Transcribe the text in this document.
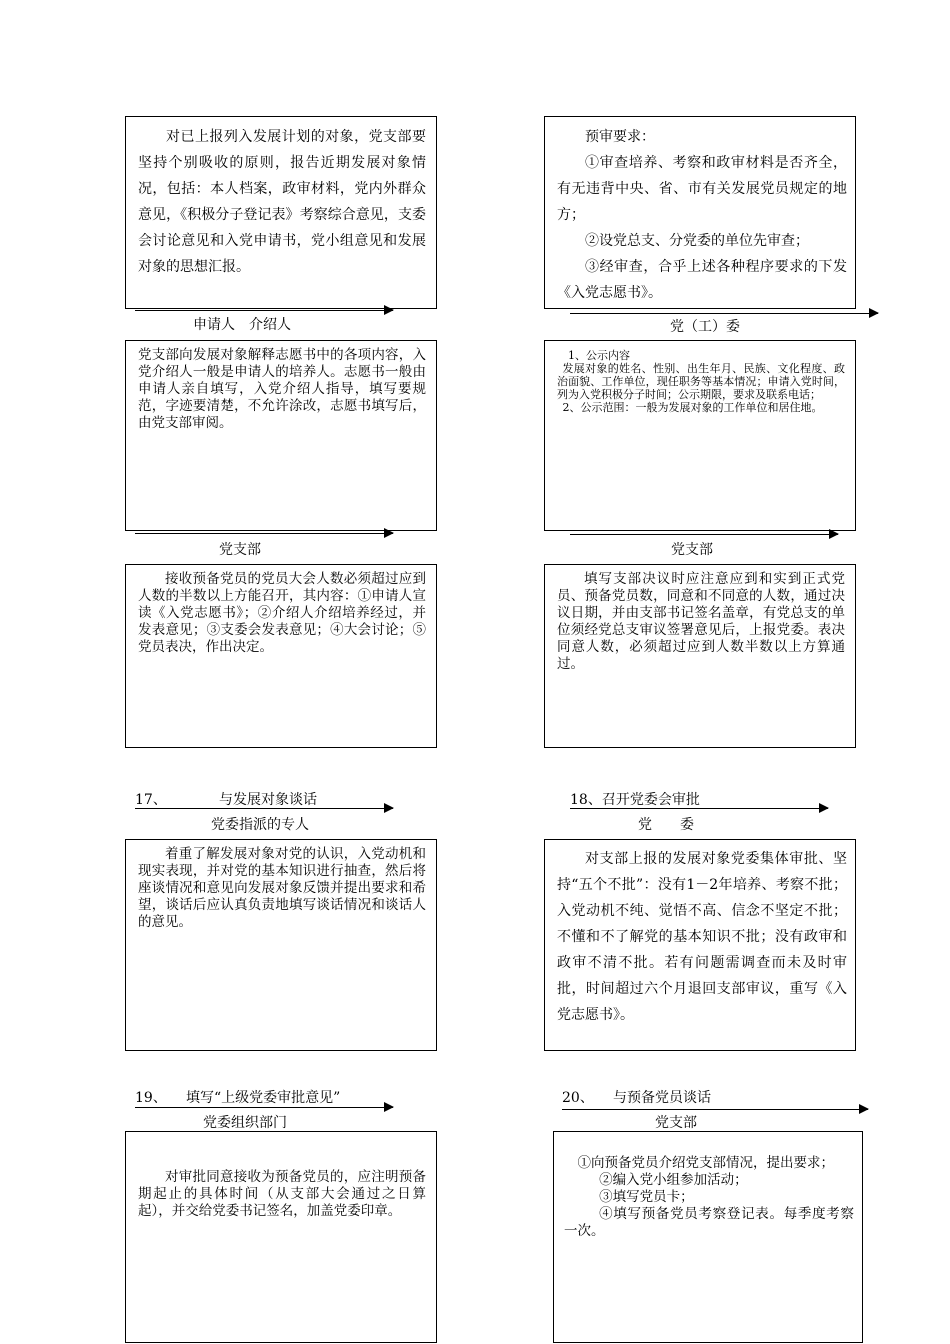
对已上报列入发展计划的对象，党支部要坚持个别吸收的原则，报告近期发展对象情况，包括：本人档案，政审材料，党内外群众意见，《积极分子登记表》考察综合意见，支委会讨论意见和入党申请书，党小组意见和发展对象的思想汇报。

申请人　介绍人

预审要求：
①审查培养、考察和政审材料是否齐全，有无违背中央、省、市有关发展党员规定的地方；
②设党总支、分党委的单位先审查；
③经审查，合乎上述各种程序要求的下发《入党志愿书》。

党（工）委

党支部向发展对象解释志愿书中的各项内容，入党介绍人一般是申请人的培养人。志愿书一般由申请人亲自填写，入党介绍人指导，填写要规范，字迹要清楚，不允许涂改，志愿书填写后，由党支部审阅。

党支部

1、公示内容
发展对象的姓名、性别、出生年月、民族、文化程度、政治面貌、工作单位，现任职务等基本情况；申请入党时间，列为入党积极分子时间；公示期限，要求及联系电话；
2、公示范围：一般为发展对象的工作单位和居住地。

党支部

接收预备党员的党员大会人数必须超过应到人数的半数以上方能召开，其内容：①申请人宣读《入党志愿书》；②介绍人介绍培养经过，并发表意见；③支委会发表意见；④大会讨论；⑤党员表决，作出决定。

填写支部决议时应注意应到和实到正式党员、预备党员数，同意和不同意的人数，通过决议日期，并由支部书记签名盖章，有党总支的单位须经党总支审议签署意见后，上报党委。表决同意人数，必须超过应到人数半数以上方算通过。

17、	与发展对象谈话
党委指派的专人

着重了解发展对象对党的认识，入党动机和现实表现，并对党的基本知识进行抽查，然后将座谈情况和意见向发展对象反馈并提出要求和希望，谈话后应认真负责地填写谈话情况和谈话人的意见。

18、召开党委会审批
党　　委

对支部上报的发展对象党委集体审批、坚持“五个不批”：没有1－2年培养、考察不批；入党动机不纯、觉悟不高、信念不坚定不批；不懂和不了解党的基本知识不批；没有政审和政审不清不批。若有问题需调查而未及时审批，时间超过六个月退回支部审议，重写《入党志愿书》。

19、 填写“上级党委审批意见”
党委组织部门

对审批同意接收为预备党员的，应注明预备期起止的具体时间（从支部大会通过之日算起），并交给党委书记签名，加盖党委印章。

20、 与预备党员谈话
党支部

①向预备党员介绍党支部情况，提出要求；
②编入党小组参加活动；
③填写党员卡；
④填写预备党员考察登记表。每季度考察一次。
